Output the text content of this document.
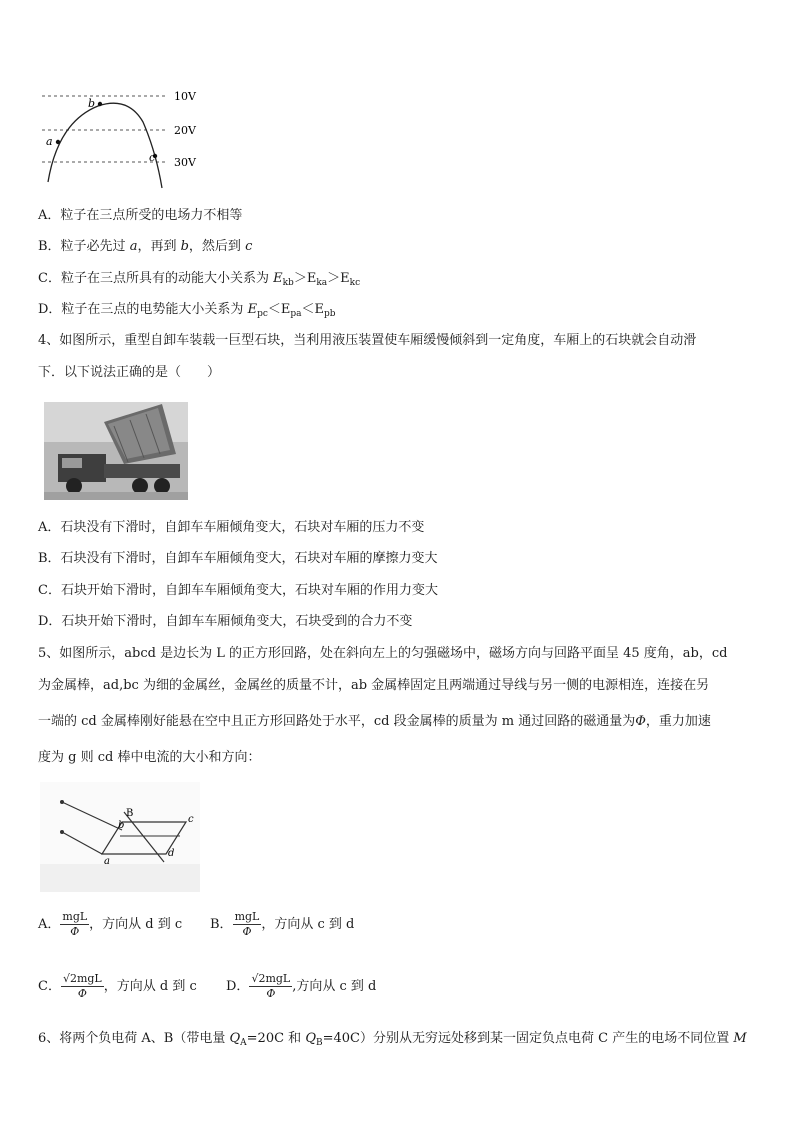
a
b
c
10V
20V
30V
A．粒子在三点所受的电场力不相等
B．粒子必先过 a，再到 b，然后到 c
C．粒子在三点所具有的动能大小关系为 $E_{kb}>E_{ka}>E_{kc}$
D．粒子在三点的电势能大小关系为 $E_{pc}<E_{pa}<E_{pb}$
4、如图所示，重型自卸车装载一巨型石块，当利用液压装置使车厢缓慢倾斜到一定角度，车厢上的石块就会自动滑
下．以下说法正确的是（　　）
A．石块没有下滑时，自卸车车厢倾角变大，石块对车厢的压力不变
B．石块没有下滑时，自卸车车厢倾角变大，石块对车厢的摩擦力变大
C．石块开始下滑时，自卸车车厢倾角变大，石块对车厢的作用力变大
D．石块开始下滑时，自卸车车厢倾角变大，石块受到的合力不变
5、如图所示，abcd 是边长为 L 的正方形回路，处在斜向左上的匀强磁场中，磁场方向与回路平面呈 45 度角，ab，cd
为金属棒，ad,bc 为细的金属丝，金属丝的质量不计，ab 金属棒固定且两端通过导线与另一侧的电源相连，连接在另
一端的 cd 金属棒刚好能悬在空中且正方形回路处于水平，cd 段金属棒的质量为 m 通过回路的磁通量为Φ，重力加速
度为 g 则 cd 棒中电流的大小和方向：
B
b
c
d
a
A． $\frac{\text{mgL}}{\Phi}$ ，方向从 d 到 c B． $\frac{\text{mgL}}{\Phi}$ ，方向从 c 到 d
C． $\frac{\text{√2mgL}}{\Phi}$ ，方向从 d 到 c D． $\frac{\text{√2mgL}}{\Phi}$ ,方向从 c 到 d
6、将两个负电荷 A、B（带电量 $Q_A=20C$ 和 $Q_B=40C$）分别从无穷远处移到某一固定负点电荷 C 产生的电场不同位置 M
